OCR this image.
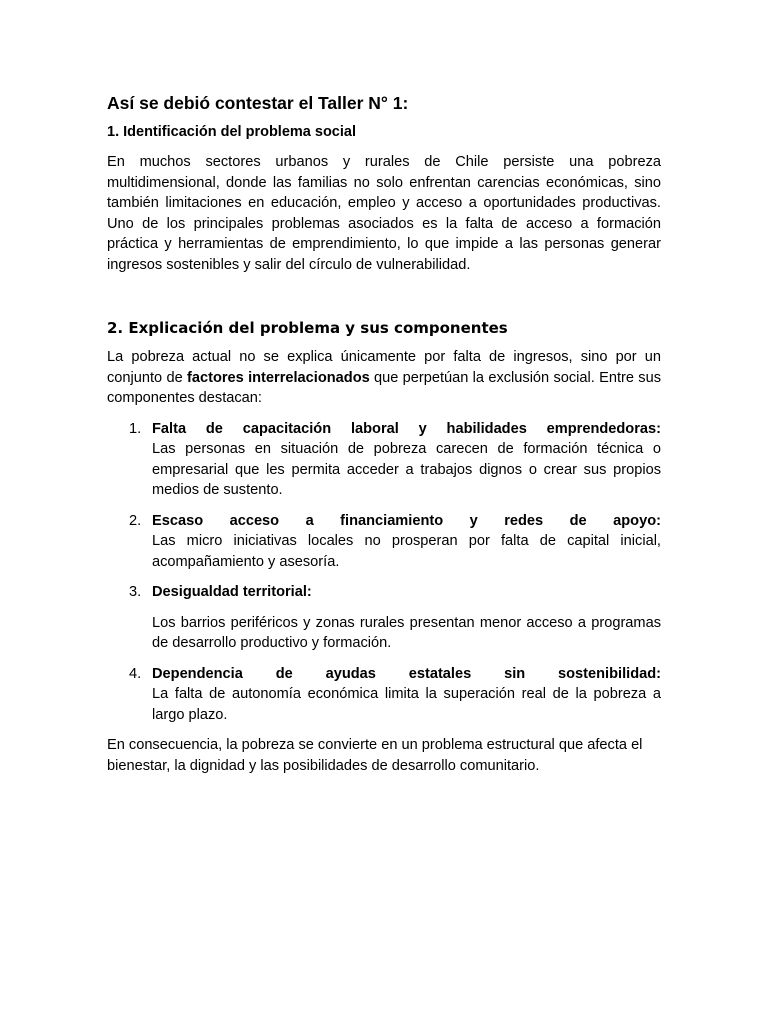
Así se debió contestar el Taller N° 1:
1. Identificación del problema social

En muchos sectores urbanos y rurales de Chile persiste una pobreza multidimensional, donde las familias no solo enfrentan carencias económicas, sino también limitaciones en educación, empleo y acceso a oportunidades productivas. Uno de los principales problemas asociados es la falta de acceso a formación práctica y herramientas de emprendimiento, lo que impide a las personas generar ingresos sostenibles y salir del círculo de vulnerabilidad.

2. Explicación del problema y sus componentes

La pobreza actual no se explica únicamente por falta de ingresos, sino por un conjunto de factores interrelacionados que perpetúan la exclusión social. Entre sus componentes destacan:

1. Falta de capacitación laboral y habilidades emprendedoras:
Las personas en situación de pobreza carecen de formación técnica o empresarial que les permita acceder a trabajos dignos o crear sus propios medios de sustento.
2. Escaso acceso a financiamiento y redes de apoyo:
Las micro iniciativas locales no prosperan por falta de capital inicial, acompañamiento y asesoría.
3. Desigualdad territorial:
Los barrios periféricos y zonas rurales presentan menor acceso a programas de desarrollo productivo y formación.
4. Dependencia de ayudas estatales sin sostenibilidad:
La falta de autonomía económica limita la superación real de la pobreza a largo plazo.

En consecuencia, la pobreza se convierte en un problema estructural que afecta el bienestar, la dignidad y las posibilidades de desarrollo comunitario.
